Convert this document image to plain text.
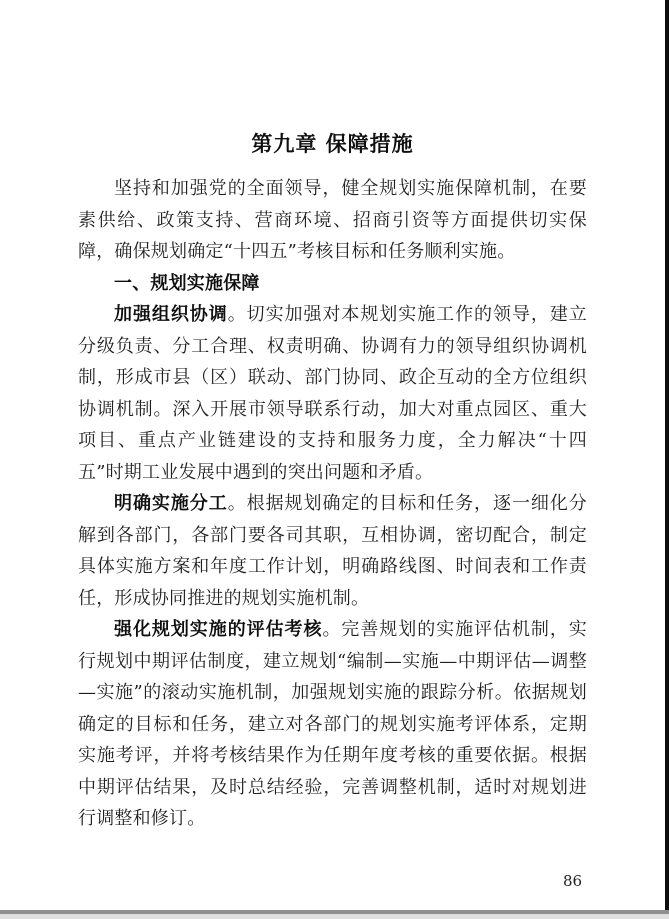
第九章 保障措施

坚持和加强党的全面领导，健全规划实施保障机制，在要素供给、政策支持、营商环境、招商引资等方面提供切实保障，确保规划确定“十四五”考核目标和任务顺利实施。

一、规划实施保障

加强组织协调。切实加强对本规划实施工作的领导，建立分级负责、分工合理、权责明确、协调有力的领导组织协调机制，形成市县（区）联动、部门协同、政企互动的全方位组织协调机制。深入开展市领导联系行动，加大对重点园区、重大项目、重点产业链建设的支持和服务力度，全力解决“十四五”时期工业发展中遇到的突出问题和矛盾。

明确实施分工。根据规划确定的目标和任务，逐一细化分解到各部门，各部门要各司其职，互相协调，密切配合，制定具体实施方案和年度工作计划，明确路线图、时间表和工作责任，形成协同推进的规划实施机制。

强化规划实施的评估考核。完善规划的实施评估机制，实行规划中期评估制度，建立规划“编制—实施—中期评估—调整—实施”的滚动实施机制，加强规划实施的跟踪分析。依据规划确定的目标和任务，建立对各部门的规划实施考评体系，定期实施考评，并将考核结果作为任期年度考核的重要依据。根据中期评估结果，及时总结经验，完善调整机制，适时对规划进行调整和修订。

86
